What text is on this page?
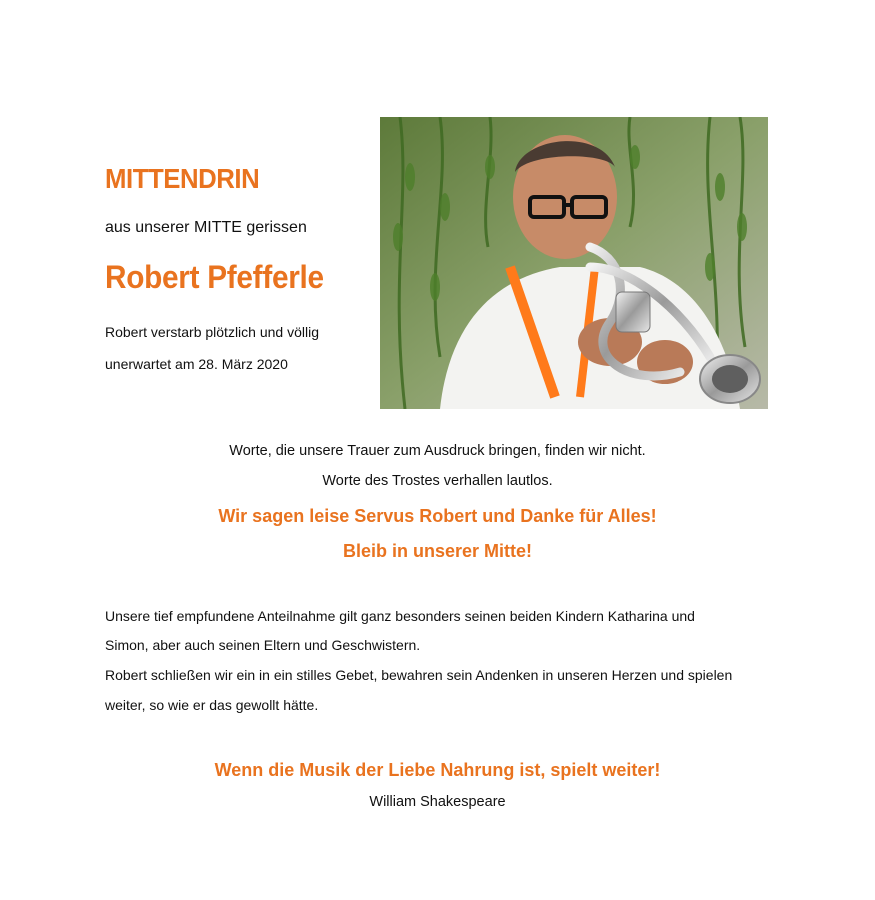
MITTENDRIN
aus unserer MITTE gerissen
Robert Pfefferle
Robert verstarb plötzlich und völlig
unerwartet am 28. März 2020
Worte, die unsere Trauer zum Ausdruck bringen, finden wir nicht.
Worte des Trostes verhallen lautlos.
Wir sagen leise Servus Robert und Danke für Alles!
Bleib in unserer Mitte!
Unsere tief empfundene Anteilnahme gilt ganz besonders seinen beiden Kindern Katharina und
Simon, aber auch seinen Eltern und Geschwistern.
Robert schließen wir ein in ein stilles Gebet, bewahren sein Andenken in unseren Herzen und spielen
weiter, so wie er das gewollt hätte.
Wenn die Musik der Liebe Nahrung ist, spielt weiter!
William Shakespeare
